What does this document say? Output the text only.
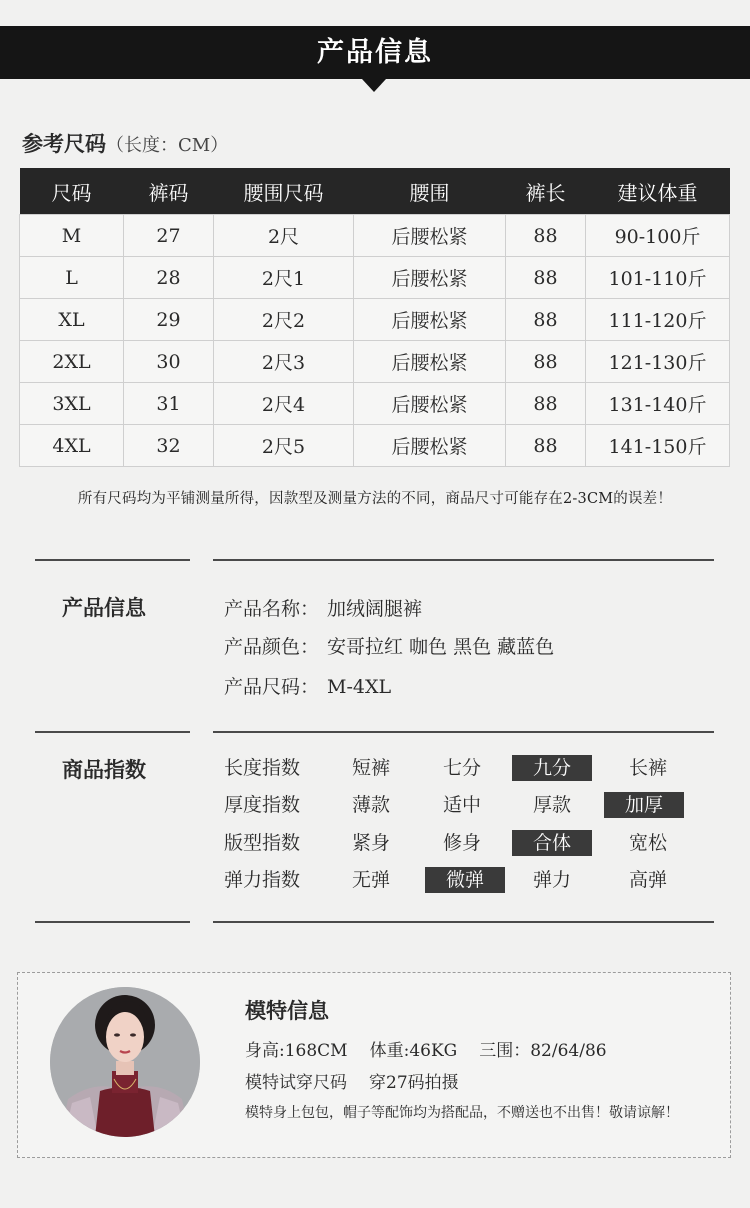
产品信息
参考尺码（长度：CM）
尺码	裤码	腰围尺码	腰围	裤长	建议体重
M	27	2尺	后腰松紧	88	90-100斤
L	28	2尺1	后腰松紧	88	101-110斤
XL	29	2尺2	后腰松紧	88	111-120斤
2XL	30	2尺3	后腰松紧	88	121-130斤
3XL	31	2尺4	后腰松紧	88	131-140斤
4XL	32	2尺5	后腰松紧	88	141-150斤
所有尺码均为平铺测量所得，因款型及测量方法的不同，商品尺寸可能存在2-3CM的误差！
产品信息	产品名称： 加绒阔腿裤
产品颜色： 安哥拉红 咖色 黑色 藏蓝色
产品尺码： M-4XL
商品指数	长度指数	短裤	七分	九分	长裤
厚度指数	薄款	适中	厚款	加厚
版型指数	紧身	修身	合体	宽松
弹力指数	无弹	微弹	弹力	高弹
模特信息
身高:168CM 体重:46KG 三围：82/64/86
模特试穿尺码 穿27码拍摄
模特身上包包，帽子等配饰均为搭配品，不赠送也不出售！敬请谅解！
